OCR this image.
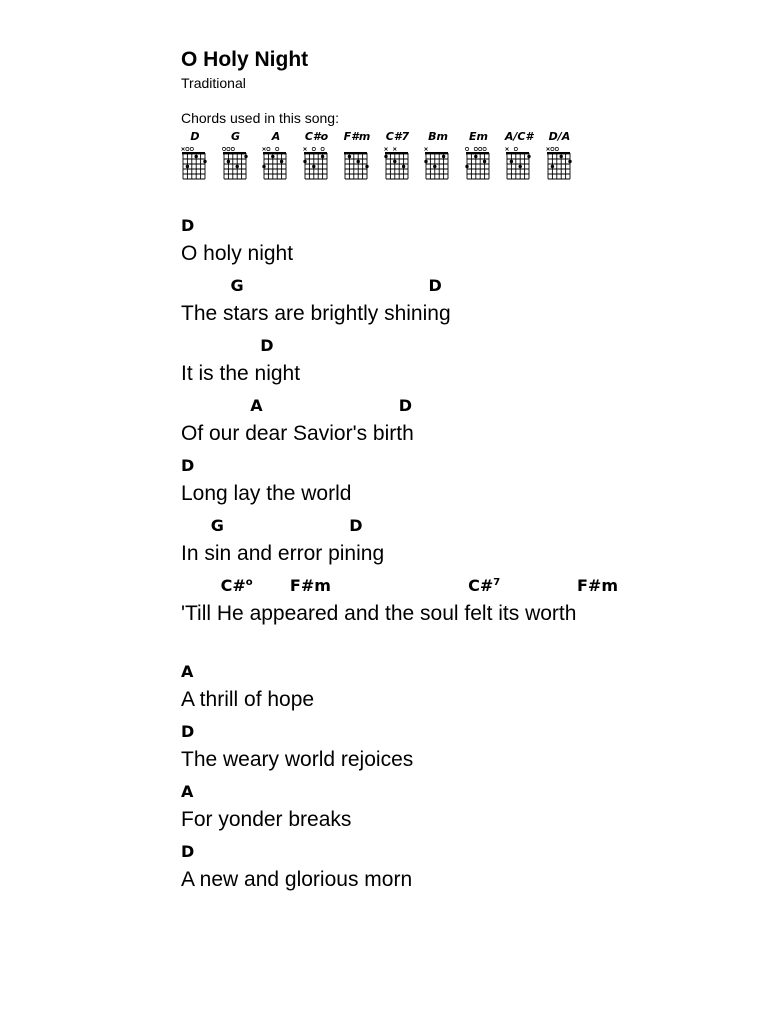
O Holy Night
Traditional
Chords used in this song:
D	G	A	C#o	F#m	C#7	Bm	Em	A/C#	D/A
D
O holy night
G	D
The stars are brightly shining
D
It is the night
A	D
Of our dear Savior's birth
D
Long lay the world
G	D
In sin and error pining
C#$^o$ F#m	C#$^7$	F#m
'Till He appeared and the soul felt its worth
A
A thrill of hope
D
The weary world rejoices
A
For yonder breaks
D
A new and glorious morn
